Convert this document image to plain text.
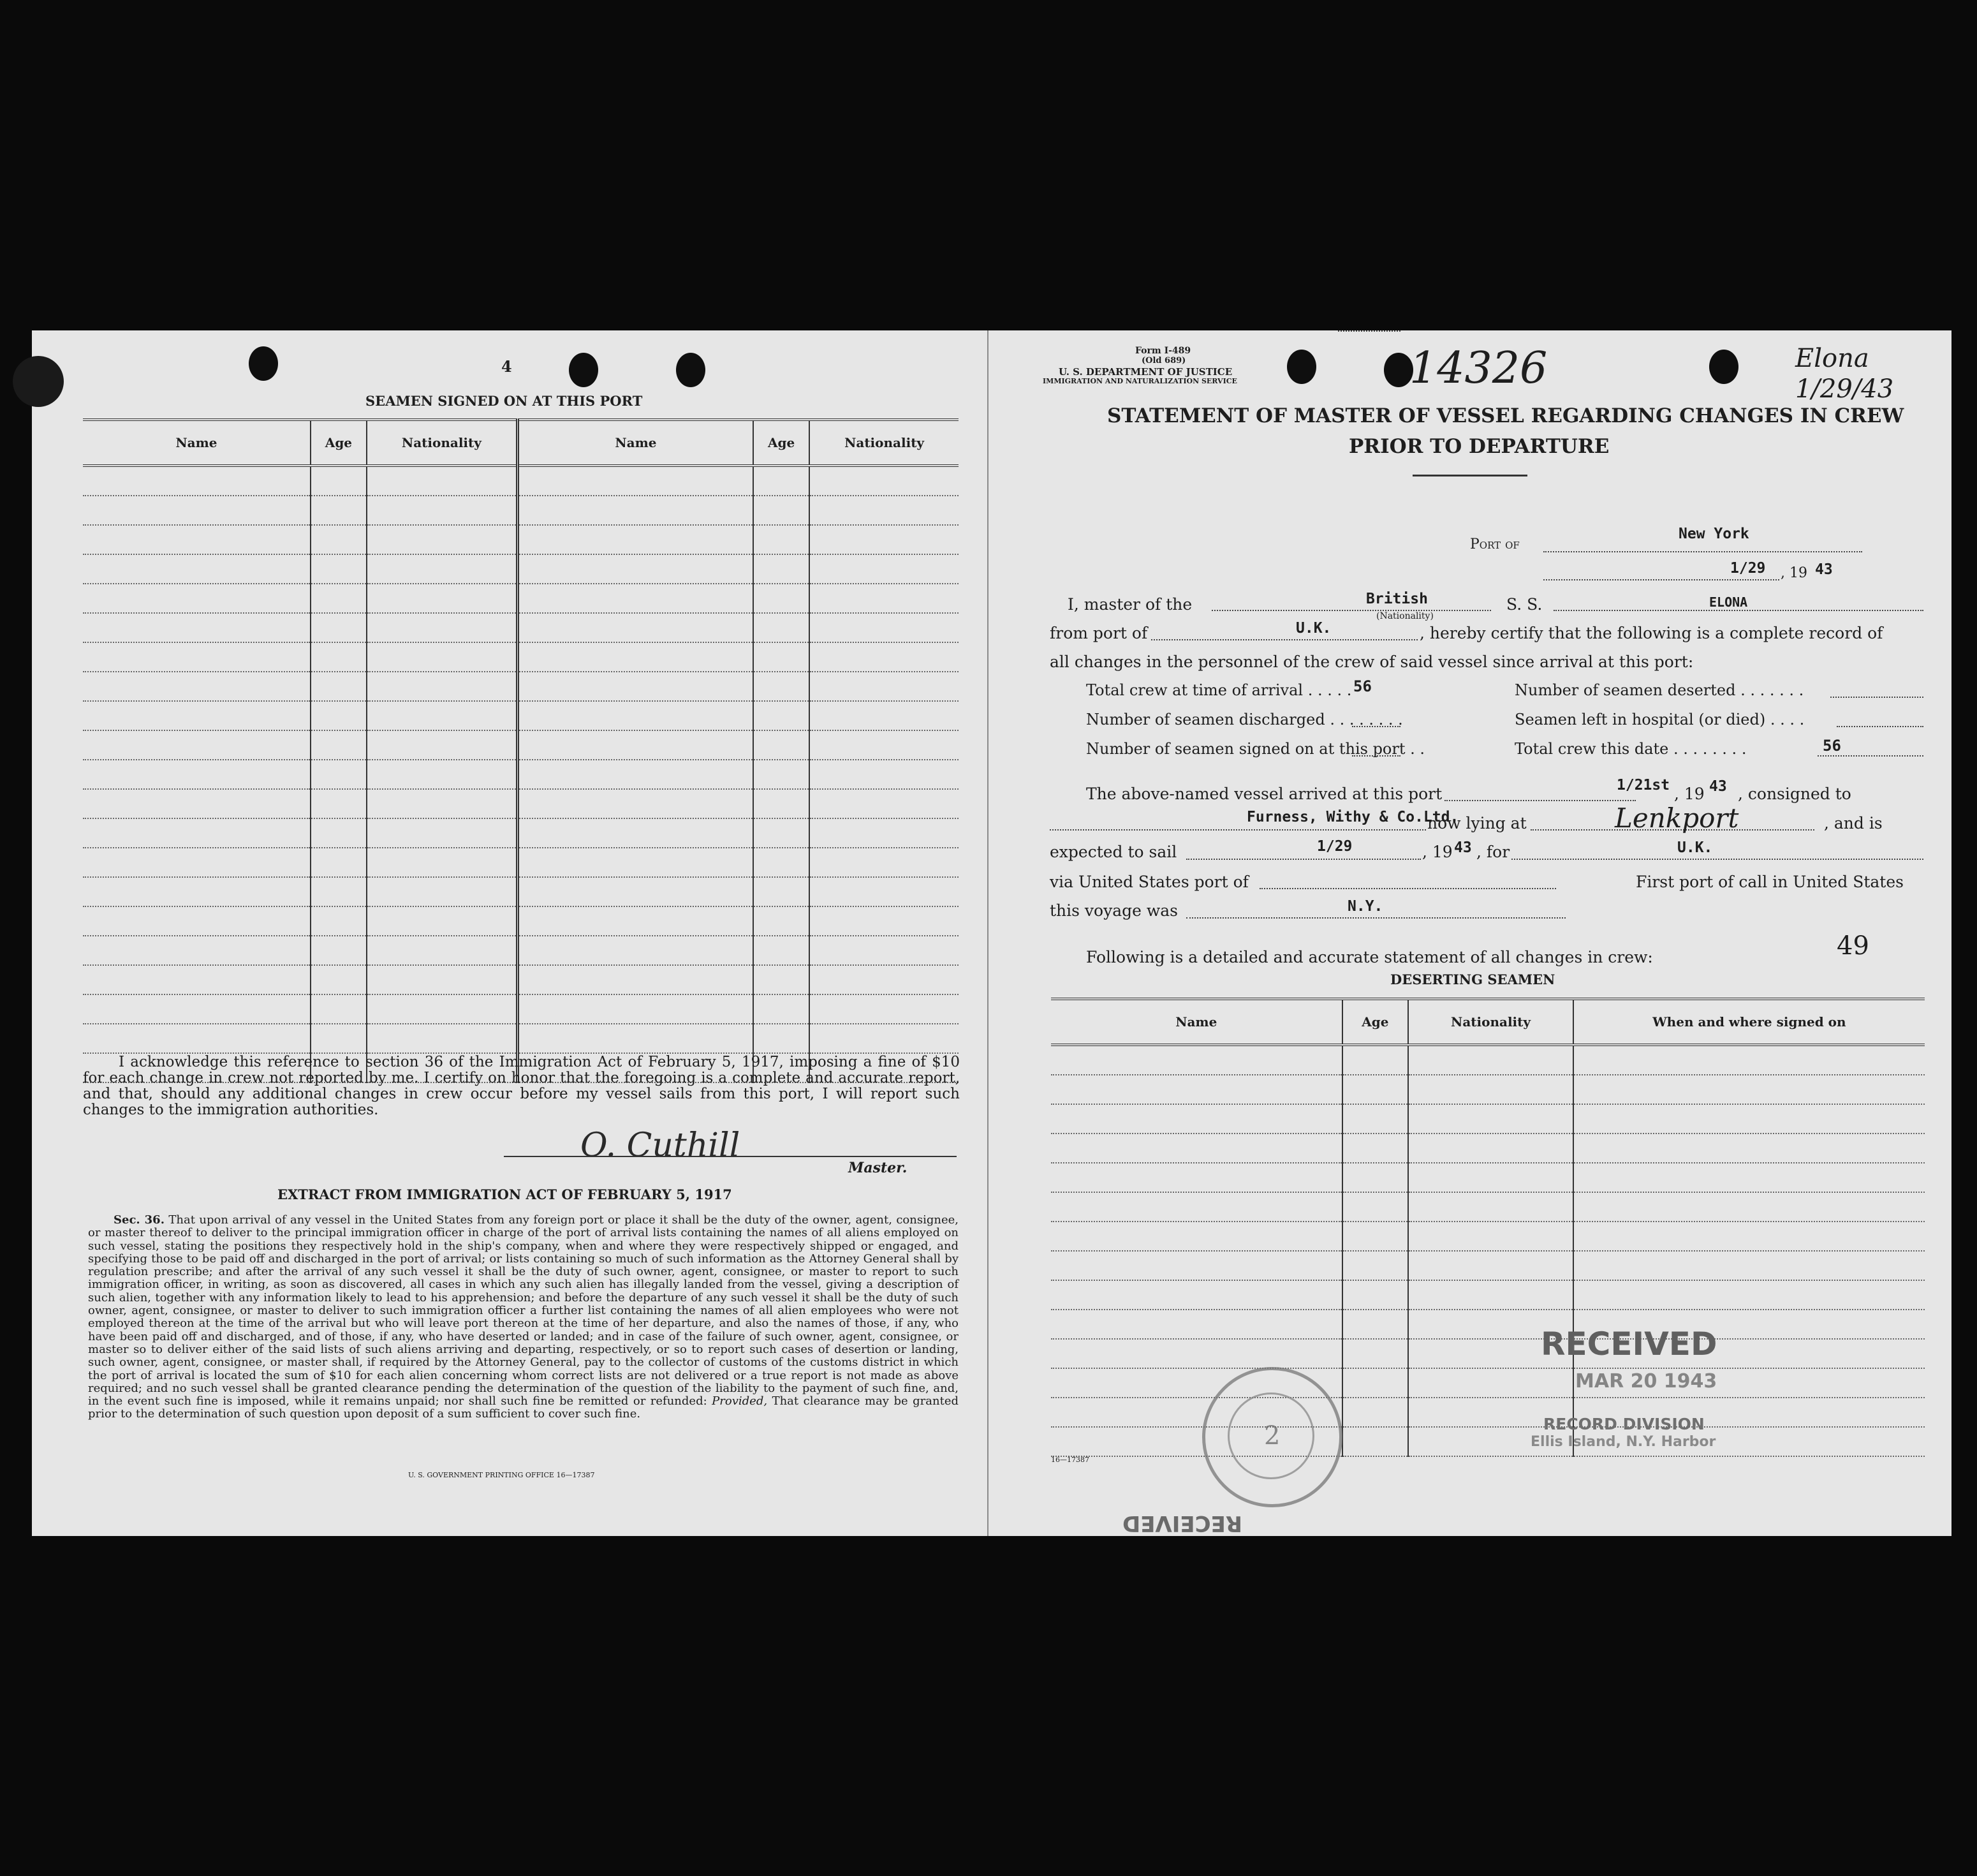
4
SEAMEN SIGNED ON AT THIS PORT
Name	Age	Nationality	Name	Age	Nationality

I acknowledge this reference to section 36 of the Immigration Act of February 5, 1917, imposing a fine of $10 for each change in crew not reported by me. I certify on honor that the foregoing is a complete and accurate report, and that, should any additional changes in crew occur before my vessel sails from this port, I will report such changes to the immigration authorities.
O. Cuthill
Master.
EXTRACT FROM IMMIGRATION ACT OF FEBRUARY 5, 1917
Sec. 36. That upon arrival of any vessel in the United States from any foreign port or place it shall be the duty of the owner, agent, consignee, or master thereof to deliver to the principal immigration officer in charge of the port of arrival lists containing the names of all aliens employed on such vessel, stating the positions they respectively hold in the ship's company, when and where they were respectively shipped or engaged, and specifying those to be paid off and discharged in the port of arrival; or lists containing so much of such information as the Attorney General shall by regulation prescribe; and after the arrival of any such vessel it shall be the duty of such owner, agent, consignee, or master to report to such immigration officer, in writing, as soon as discovered, all cases in which any such alien has illegally landed from the vessel, giving a description of such alien, together with any information likely to lead to his apprehension; and before the departure of any such vessel it shall be the duty of such owner, agent, consignee, or master to deliver to such immigration officer a further list containing the names of all alien employees who were not employed thereon at the time of the arrival but who will leave port thereon at the time of her departure, and also the names of those, if any, who have been paid off and discharged, and of those, if any, who have deserted or landed; and in case of the failure of such owner, agent, consignee, or master so to deliver either of the said lists of such aliens arriving and departing, respectively, or so to report such cases of desertion or landing, such owner, agent, consignee, or master shall, if required by the Attorney General, pay to the collector of customs of the customs district in which the port of arrival is located the sum of $10 for each alien concerning whom correct lists are not delivered or a true report is not made as above required; and no such vessel shall be granted clearance pending the determination of the question of the liability to the payment of such fine, and, in the event such fine is imposed, while it remains unpaid; nor shall such fine be remitted or refunded: Provided, That clearance may be granted prior to the determination of such question upon deposit of a sum sufficient to cover such fine.
U. S. GOVERNMENT PRINTING OFFICE 16—17387
Form I-489
(Old 689)
U. S. DEPARTMENT OF JUSTICE
IMMIGRATION AND NATURALIZATION SERVICE	14326	Elona 1/29/43
STATEMENT OF MASTER OF VESSEL REGARDING CHANGES IN CREW
PRIOR TO DEPARTURE
Port of
New York
1/29 , 19 43
I, master of the	British
(Nationality)
S. S.	ELONA
from port of	U.K.	, hereby certify that the following is a complete record of
all changes in the personnel of the crew of said vessel since arrival at this port:
Total crew at time of arrival . . . . . 56	Number of seamen deserted . . . . . . .
Number of seamen discharged . . . . . . . .	Seamen left in hospital (or died) . . . .
Number of seamen signed on at this port . .	Total crew this date . . . . . . . .	56
The above-named vessel arrived at this port	1/21st , 19 43 , consigned to
Furness, Withy & Co.Ltd.
now lying at	Lenkport	, and is
expected to sail	1/29	, 19 43 , for	U.K.
via United States port of	First port of call in United States
this voyage was	N.Y.
Following is a detailed and accurate statement of all changes in crew:	49
DESERTING SEAMEN
Name	Age	Nationality	When and where signed on

16—17387
RECEIVED
MAR 20 1943
RECORD DIVISION
Ellis Island, N.Y. Harbor
2
RECEIVED
